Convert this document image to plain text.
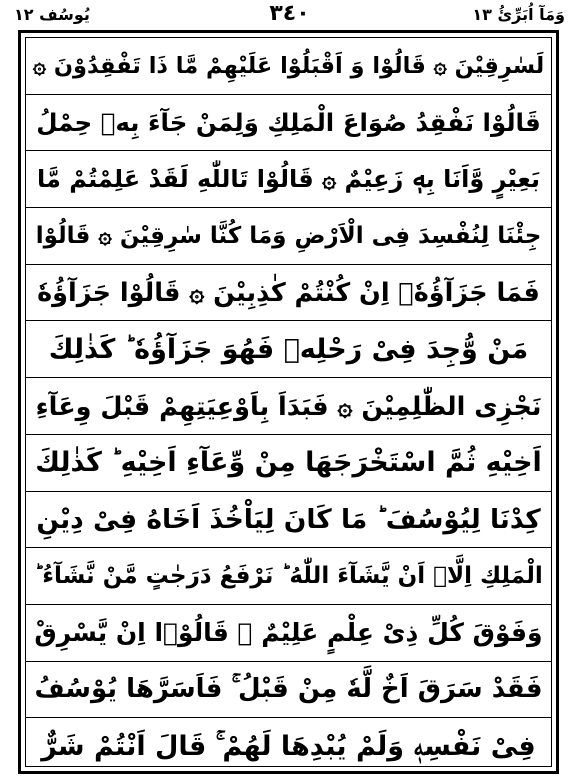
يُوسُف ١٢	٣٤٠	وَمَآ اُبَرِّئُ ١٣
لَسٰرِقِيْنَ ۞ قَالُوْا وَ اَقْبَلُوْا عَلَيْهِمْ مَّا ذَا تَفْقِدُوْنَ ۞
قَالُوْا نَفْقِدُ صُوَاعَ الْمَلِكِ وَلِمَنْ جَآءَ بِهٖ حِمْلُ
بَعِيْرٍ وَّاَنَا بِهٖ زَعِيْمٌ ۞ قَالُوْا تَاللّٰهِ لَقَدْ عَلِمْتُمْ مَّا
جِئْنَا لِنُفْسِدَ فِى الْاَرْضِ وَمَا كُنَّا سٰرِقِيْنَ ۞ قَالُوْا
فَمَا جَزَآؤُهٗۤ اِنْ كُنْتُمْ كٰذِبِيْنَ ۞ قَالُوْا جَزَآؤُهٗ
مَنْ وُّجِدَ فِىْ رَحْلِهٖ فَهُوَ جَزَآؤُهٗ ؕ كَذٰلِكَ
نَجْزِى الظّٰلِمِيْنَ ۞ فَبَدَاَ بِاَوْعِيَتِهِمْ قَبْلَ وِعَآءِ
اَخِيْهِ ثُمَّ اسْتَخْرَجَهَا مِنْ وِّعَآءِ اَخِيْهِ ؕ كَذٰلِكَ
كِدْنَا لِيُوْسُفَ ؕ مَا كَانَ لِيَاْخُذَ اَخَاهُ فِىْ دِيْنِ
الْمَلِكِ اِلَّاۤ اَنْ يَّشَآءَ اللّٰهُ ؕ نَرْفَعُ دَرَجٰتٍ مَّنْ نَّشَآءُ ؕ
وَفَوْقَ كُلِّ ذِىْ عِلْمٍ عَلِيْمٌ ۞ قَالُوْۤا اِنْ يَّسْرِقْ
فَقَدْ سَرَقَ اَخٌ لَّهٗ مِنْ قَبْلُ ۚ فَاَسَرَّهَا يُوْسُفُ
فِىْ نَفْسِهٖ وَلَمْ يُبْدِهَا لَهُمْ ۚ قَالَ اَنْتُمْ شَرٌّ
